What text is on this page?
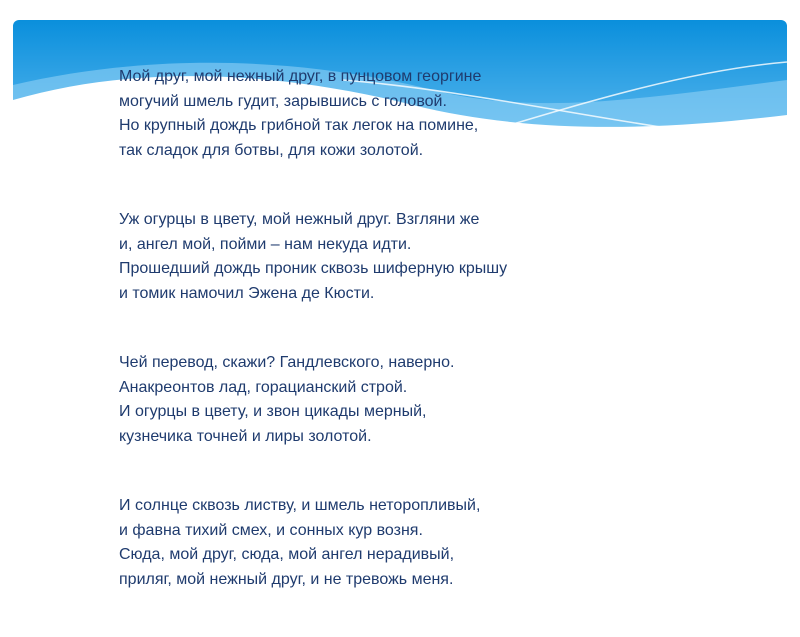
Мой друг, мой нежный друг, в пунцовом георгине
могучий шмель гудит, зарывшись с головой.
Но крупный дождь грибной так легок на помине,
так сладок для ботвы, для кожи золотой.
Уж огурцы в цвету, мой нежный друг. Взгляни же
и, ангел мой, пойми – нам некуда идти.
Прошедший дождь проник сквозь шиферную крышу
и томик намочил Эжена де Кюсти.
Чей перевод, скажи? Гандлевского, наверно.
Анакреонтов лад, горацианский строй.
И огурцы в цвету, и звон цикады мерный,
кузнечика точней и лиры золотой.
И солнце сквозь листву, и шмель неторопливый,
и фавна тихий смех, и сонных кур возня.
Сюда, мой друг, сюда, мой ангел нерадивый,
приляг, мой нежный друг, и не тревожь меня.
